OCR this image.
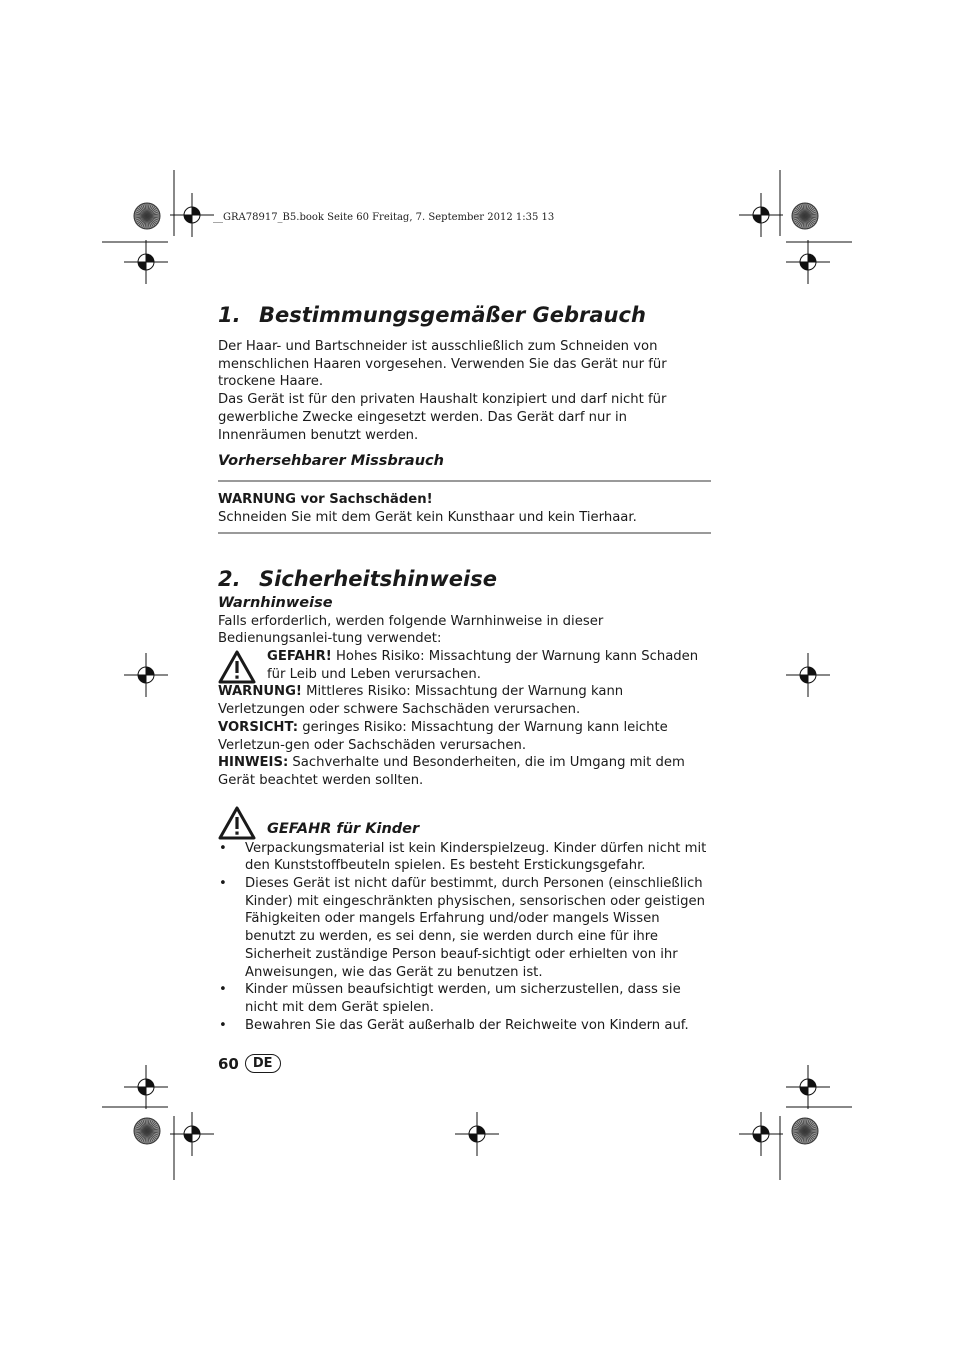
__GRA78917_B5.book Seite 60 Freitag, 7. September 2012 1:35 13
1. Bestimmungsgemäßer Gebrauch

Der Haar- und Bartschneider ist ausschließlich zum Schneiden von menschlichen Haaren vorgesehen. Verwenden Sie das Gerät nur für trockene Haare.

Das Gerät ist für den privaten Haushalt konzipiert und darf nicht für gewerbliche Zwecke eingesetzt werden. Das Gerät darf nur in Innenräumen benutzt werden.

Vorhersehbarer Missbrauch

WARNUNG vor Sachschäden!

Schneiden Sie mit dem Gerät kein Kunsthaar und kein Tierhaar.

2. Sicherheitshinweise
Warnhinweise

Falls erforderlich, werden folgende Warnhinweise in dieser Bedienungsanlei-tung verwendet:

GEFAHR! Hohes Risiko: Missachtung der Warnung kann Schaden für Leib und Leben verursachen.

WARNUNG! Mittleres Risiko: Missachtung der Warnung kann Verletzungen oder schwere Sachschäden verursachen.

VORSICHT: geringes Risiko: Missachtung der Warnung kann leichte Verletzun-gen oder Sachschäden verursachen.

HINWEIS: Sachverhalte und Besonderheiten, die im Umgang mit dem Gerät beachtet werden sollten.

GEFAHR für Kinder
• Verpackungsmaterial ist kein Kinderspielzeug. Kinder dürfen nicht mit den Kunststoffbeuteln spielen. Es besteht Erstickungsgefahr.
• Dieses Gerät ist nicht dafür bestimmt, durch Personen (einschließlich Kinder) mit eingeschränkten physischen, sensorischen oder geistigen Fähigkeiten oder mangels Erfahrung und/oder mangels Wissen benutzt zu werden, es sei denn, sie werden durch eine für ihre Sicherheit zuständige Person beauf-sichtigt oder erhielten von ihr Anweisungen, wie das Gerät zu benutzen ist.
• Kinder müssen beaufsichtigt werden, um sicherzustellen, dass sie nicht mit dem Gerät spielen.
• Bewahren Sie das Gerät außerhalb der Reichweite von Kindern auf.
60	DE
